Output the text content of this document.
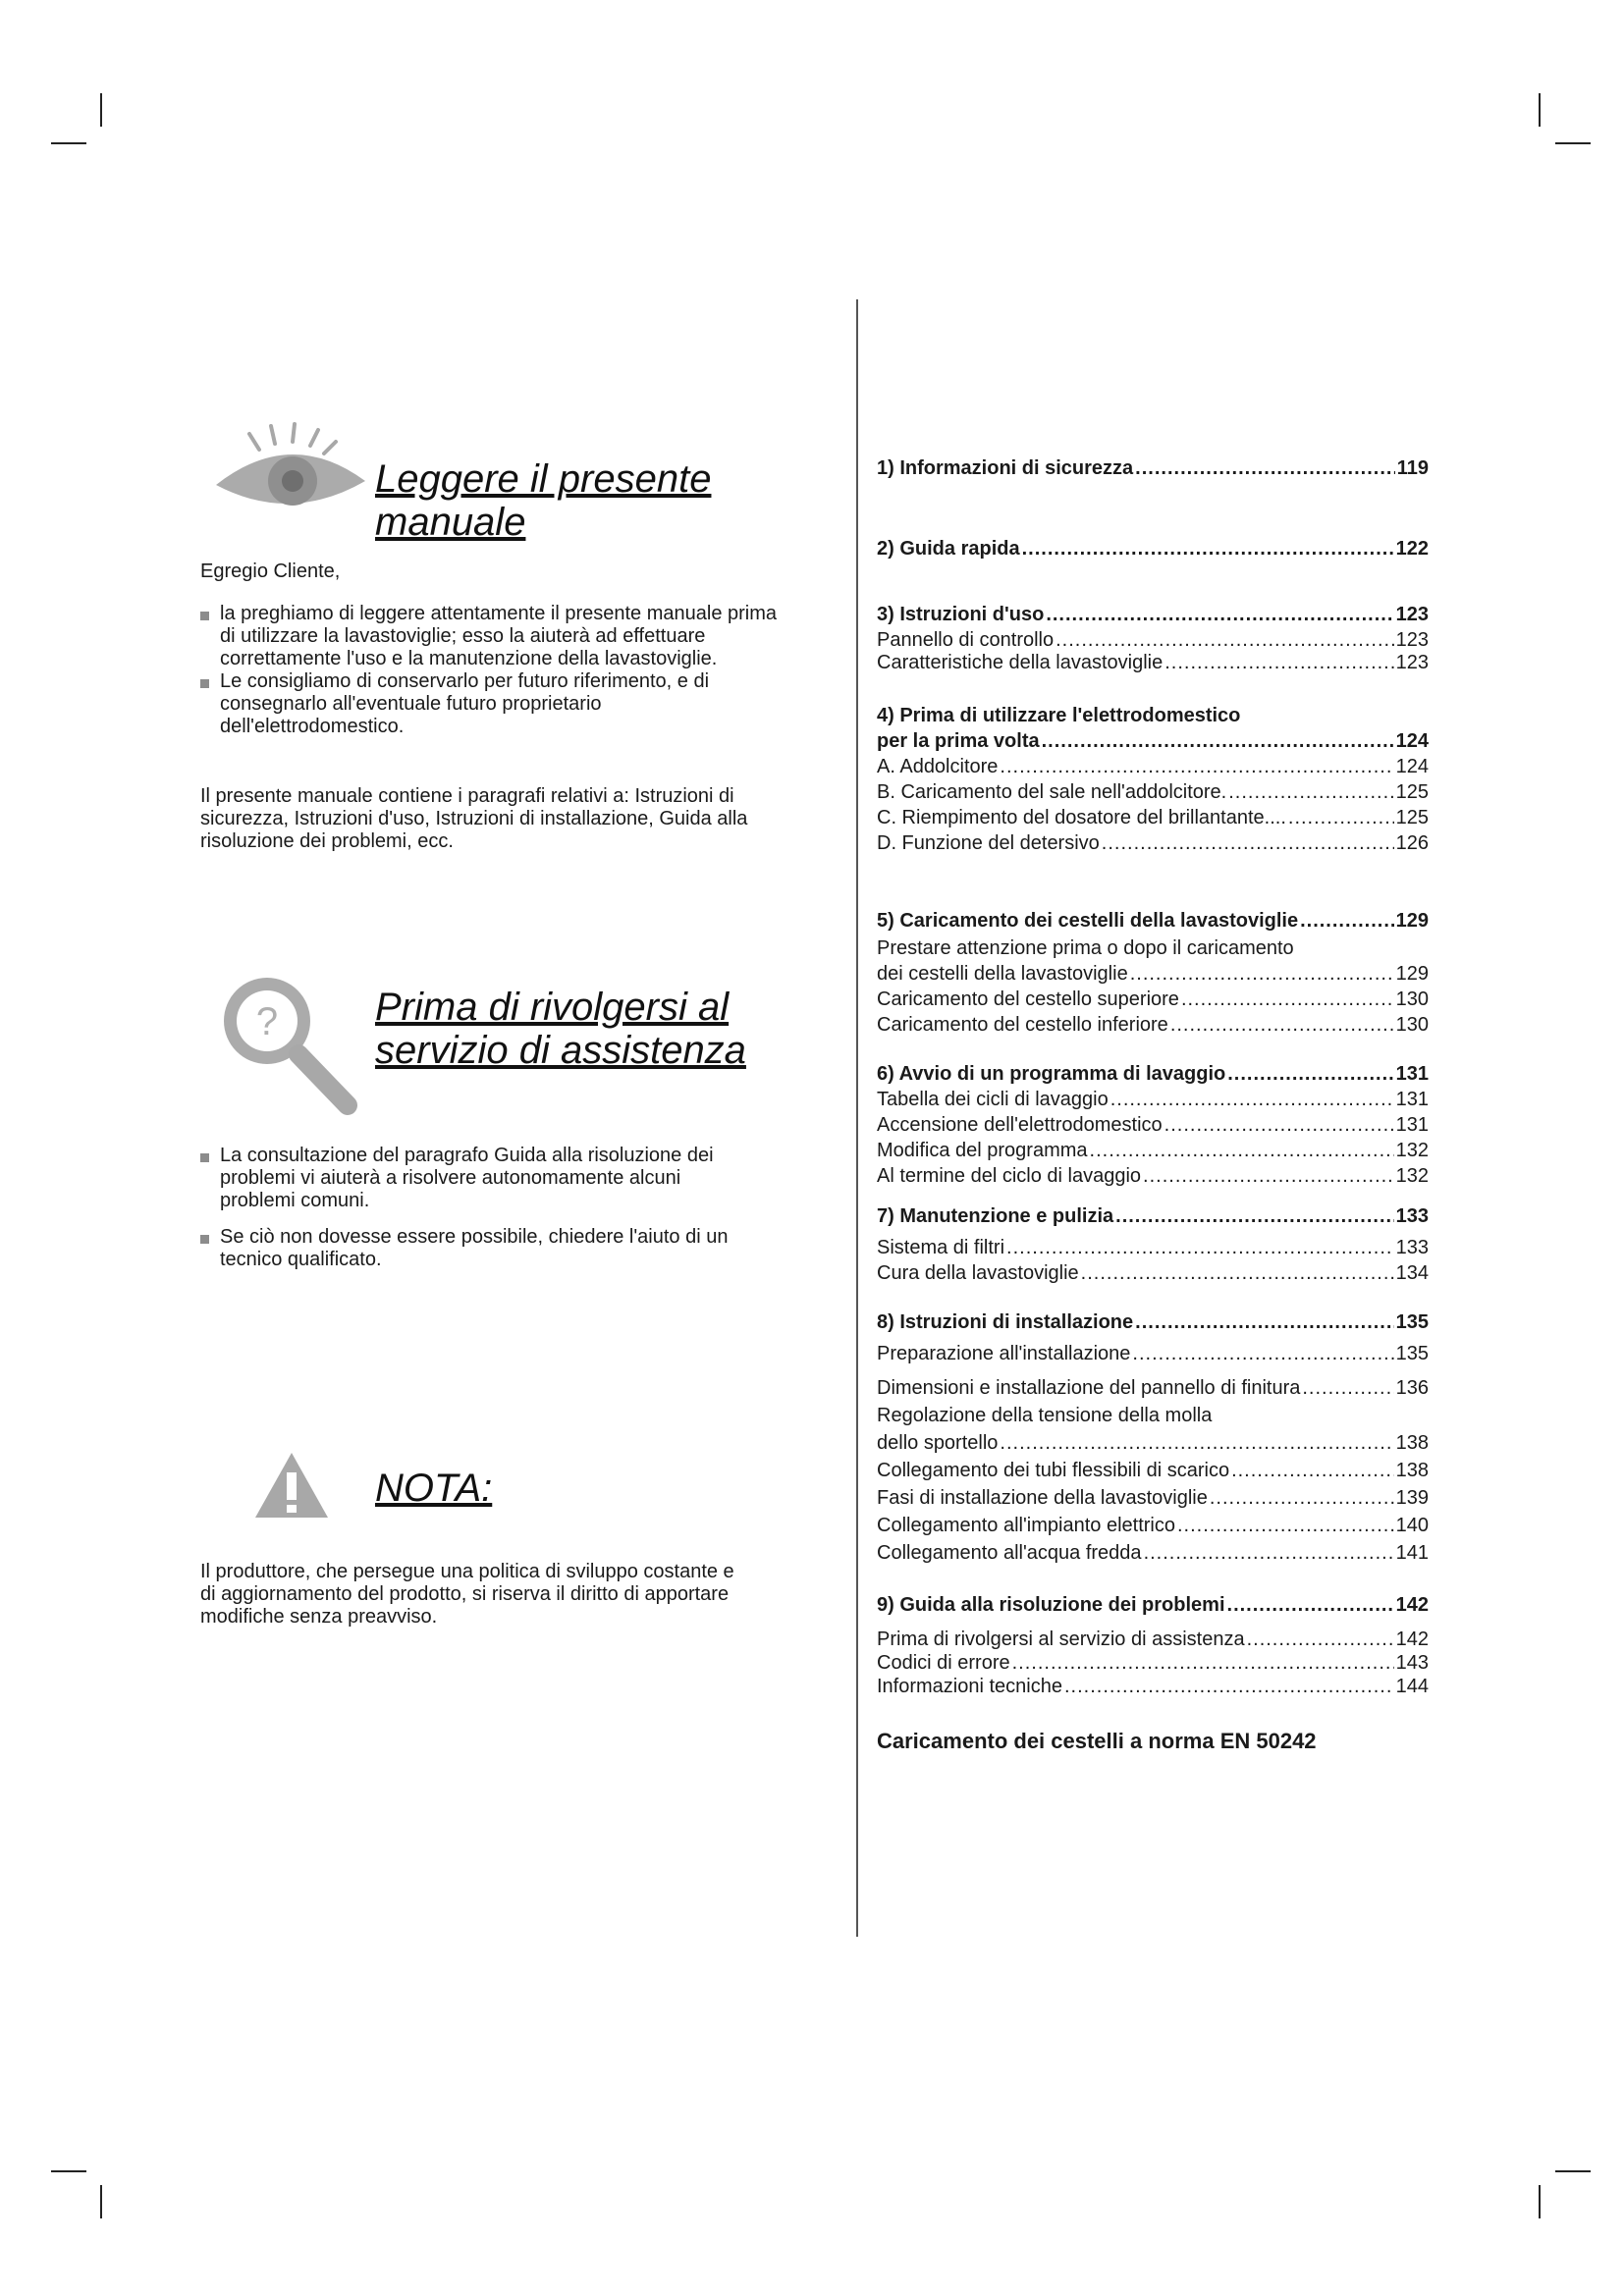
Leggere il presente
manuale
Egregio Cliente,
la preghiamo di leggere attentamente il presente manuale prima di utilizzare la lavastoviglie; esso la aiuterà ad effettuare correttamente l'uso e la manutenzione della lavastoviglie.
Le consigliamo di conservarlo per futuro riferimento, e di consegnarlo all'eventuale futuro proprietario dell'elettrodomestico.
Il presente manuale contiene i paragrafi relativi a: Istruzioni di sicurezza, Istruzioni d'uso, Istruzioni di installazione, Guida alla risoluzione dei problemi, ecc.
? Prima di rivolgersi al
servizio di assistenza
La consultazione del paragrafo Guida alla risoluzione dei problemi vi aiuterà a risolvere autonomamente alcuni problemi comuni.
Se ciò non dovesse essere possibile, chiedere l'aiuto di un tecnico qualificato.
NOTA:
Il produttore, che persegue una politica di sviluppo costante e di aggiornamento del prodotto, si riserva il diritto di apportare modifiche senza preavviso.
1) Informazioni di sicurezza .....	119
2) Guida rapida .....	122
3) Istruzioni d'uso .....	123
Pannello di controllo .....	123
Caratteristiche della lavastoviglie .....	123
4) Prima di utilizzare l'elettrodomestico
per la prima volta .....	124
A. Addolcitore .....	124
B. Caricamento del sale nell'addolcitore. .....	125
C. Riempimento del dosatore del brillantante.... .....	125
D. Funzione del detersivo .....	126
5) Caricamento dei cestelli della lavastoviglie .....	129
Prestare attenzione prima o dopo il caricamento
dei cestelli della lavastoviglie .....	129
Caricamento del cestello superiore .....	130
Caricamento del cestello inferiore .....	130
6) Avvio di un programma di lavaggio .....	131
Tabella dei cicli di lavaggio .....	131
Accensione dell'elettrodomestico .....	131
Modifica del programma .....	132
Al termine del ciclo di lavaggio .....	132
7) Manutenzione e pulizia .....	133
Sistema di filtri .....	133
Cura della lavastoviglie .....	134
8) Istruzioni di installazione .....	135
Preparazione all'installazione .....	135
Dimensioni e installazione del pannello di finitura .....	136
Regolazione della tensione della molla
dello sportello .....	138
Collegamento dei tubi flessibili di scarico .....	138
Fasi di installazione della lavastoviglie .....	139
Collegamento all'impianto elettrico .....	140
Collegamento all'acqua fredda .....	141
9) Guida alla risoluzione dei problemi .....	142
Prima di rivolgersi al servizio di assistenza .....	142
Codici di errore .....	143
Informazioni tecniche .....	144
Caricamento dei cestelli a norma EN 50242
